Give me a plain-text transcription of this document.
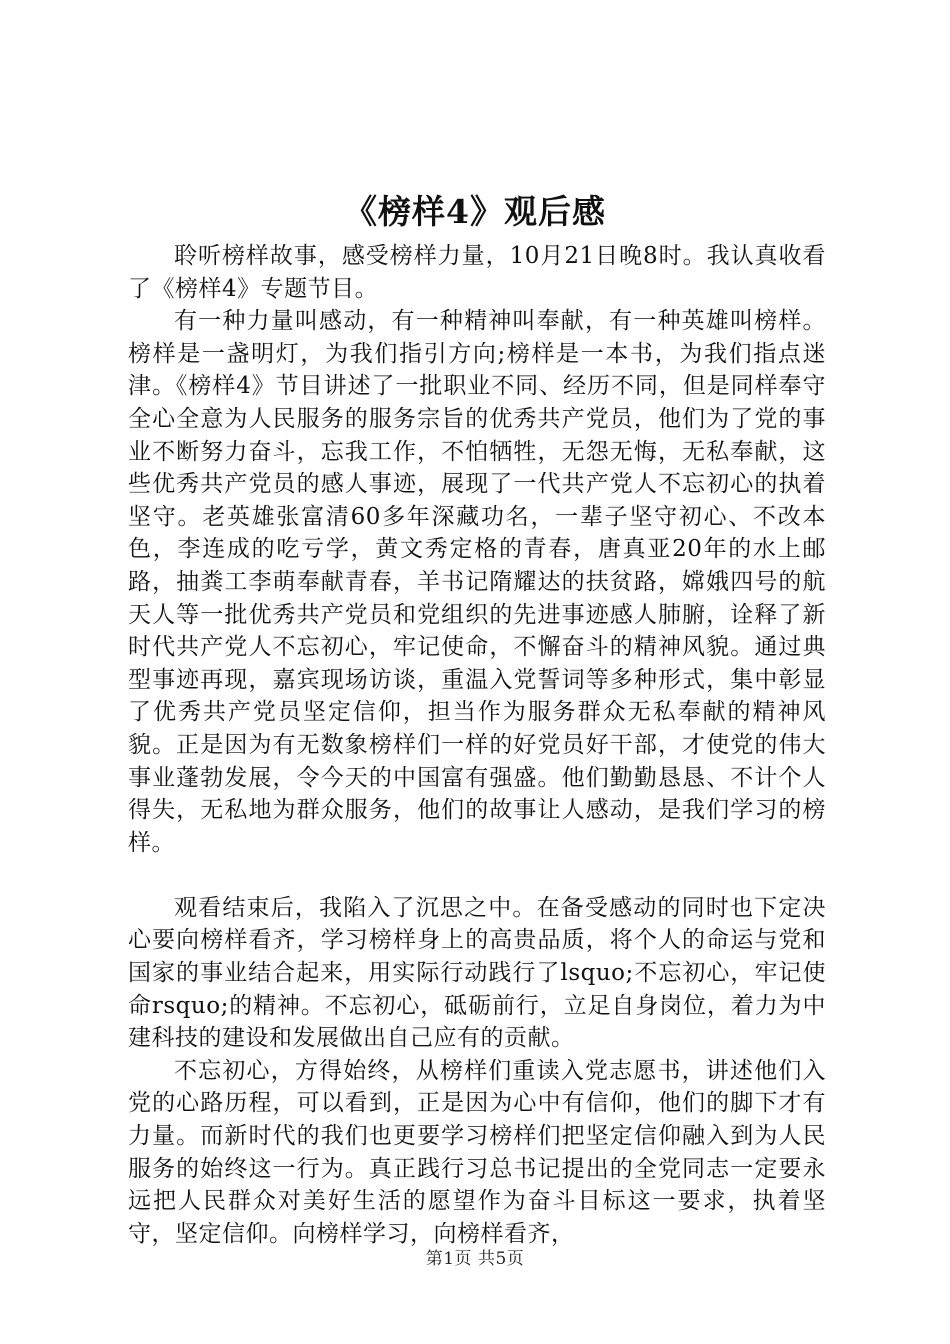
《榜样4》观后感

聆听榜样故事，感受榜样力量，10月21日晚8时。我认真收看了《榜样4》专题节目。

有一种力量叫感动，有一种精神叫奉献，有一种英雄叫榜样。榜样是一盏明灯，为我们指引方向;榜样是一本书，为我们指点迷津。《榜样4》节目讲述了一批职业不同、经历不同，但是同样奉守全心全意为人民服务的服务宗旨的优秀共产党员，他们为了党的事业不断努力奋斗，忘我工作，不怕牺牲，无怨无悔，无私奉献，这些优秀共产党员的感人事迹，展现了一代共产党人不忘初心的执着坚守。老英雄张富清60多年深藏功名，一辈子坚守初心、不改本色，李连成的吃亏学，黄文秀定格的青春，唐真亚20年的水上邮路，抽粪工李萌奉献青春，羊书记隋耀达的扶贫路，嫦娥四号的航天人等一批优秀共产党员和党组织的先进事迹感人肺腑，诠释了新时代共产党人不忘初心，牢记使命，不懈奋斗的精神风貌。通过典型事迹再现，嘉宾现场访谈，重温入党誓词等多种形式，集中彰显了优秀共产党员坚定信仰，担当作为服务群众无私奉献的精神风貌。正是因为有无数象榜样们一样的好党员好干部，才使党的伟大事业蓬勃发展，令今天的中国富有强盛。他们勤勤恳恳、不计个人得失，无私地为群众服务，他们的故事让人感动，是我们学习的榜样。

观看结束后，我陷入了沉思之中。在备受感动的同时也下定决心要向榜样看齐，学习榜样身上的高贵品质，将个人的命运与党和国家的事业结合起来，用实际行动践行了lsquo;不忘初心，牢记使命rsquo;的精神。不忘初心，砥砺前行，立足自身岗位，着力为中建科技的建设和发展做出自己应有的贡献。

不忘初心，方得始终，从榜样们重读入党志愿书，讲述他们入党的心路历程，可以看到，正是因为心中有信仰，他们的脚下才有力量。而新时代的我们也更要学习榜样们把坚定信仰融入到为人民服务的始终这一行为。真正践行习总书记提出的全党同志一定要永远把人民群众对美好生活的愿望作为奋斗目标这一要求，执着坚守，坚定信仰。向榜样学习，向榜样看齐，

第1页 共5页
